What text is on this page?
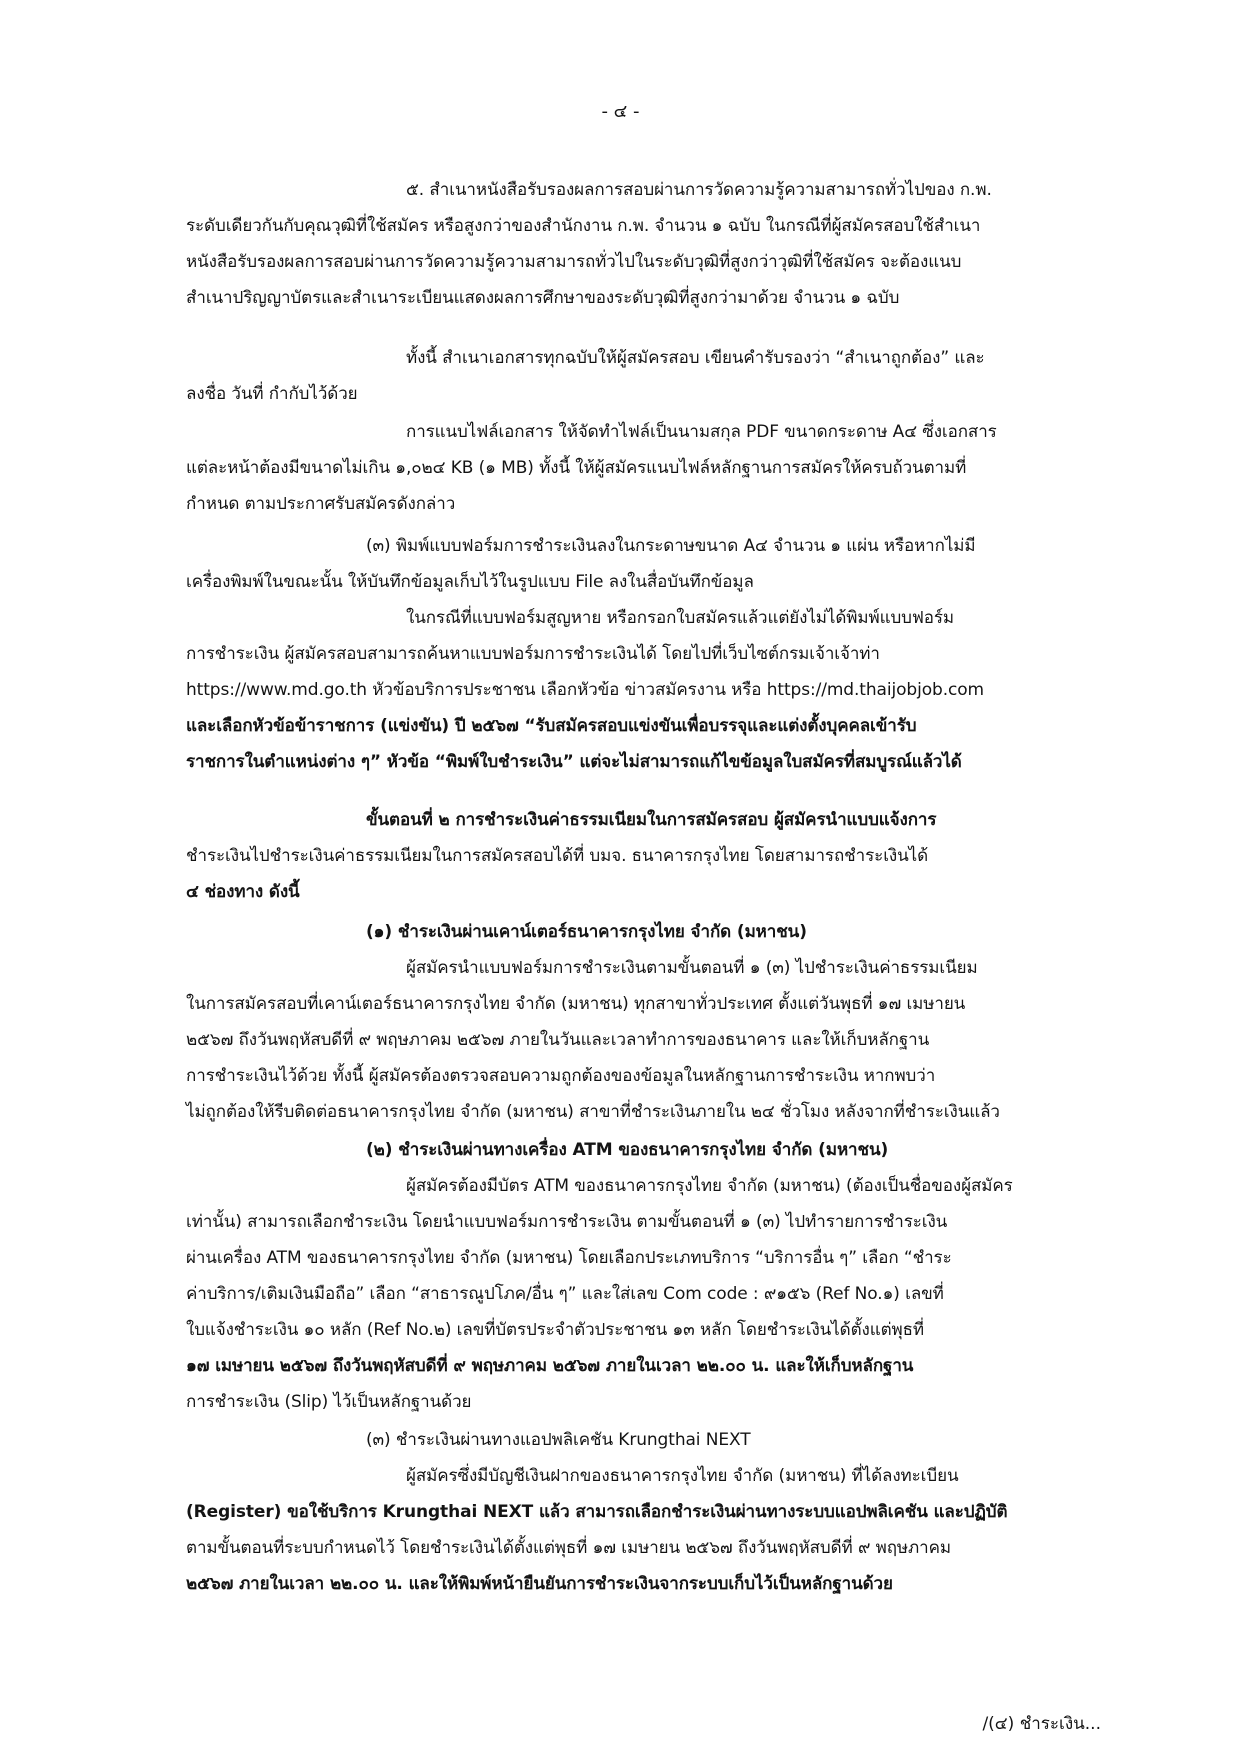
- ๔ -
๕. สำเนาหนังสือรับรองผลการสอบผ่านการวัดความรู้ความสามารถทั่วไปของ ก.พ.
ระดับเดียวกันกับคุณวุฒิที่ใช้สมัคร หรือสูงกว่าของสำนักงาน ก.พ. จำนวน ๑ ฉบับ ในกรณีที่ผู้สมัครสอบใช้สำเนา
หนังสือรับรองผลการสอบผ่านการวัดความรู้ความสามารถทั่วไปในระดับวุฒิที่สูงกว่าวุฒิที่ใช้สมัคร จะต้องแนบ
สำเนาปริญญาบัตรและสำเนาระเบียนแสดงผลการศึกษาของระดับวุฒิที่สูงกว่ามาด้วย จำนวน ๑ ฉบับ
ทั้งนี้ สำเนาเอกสารทุกฉบับให้ผู้สมัครสอบ เขียนคำรับรองว่า “สำเนาถูกต้อง” และ
ลงชื่อ วันที่ กำกับไว้ด้วย
การแนบไฟล์เอกสาร ให้จัดทำไฟล์เป็นนามสกุล PDF ขนาดกระดาษ A๔ ซึ่งเอกสาร
แต่ละหน้าต้องมีขนาดไม่เกิน ๑,๐๒๔ KB (๑ MB) ทั้งนี้ ให้ผู้สมัครแนบไฟล์หลักฐานการสมัครให้ครบถ้วนตามที่
กำหนด ตามประกาศรับสมัครดังกล่าว
(๓) พิมพ์แบบฟอร์มการชำระเงินลงในกระดาษขนาด A๔ จำนวน ๑ แผ่น หรือหากไม่มี
เครื่องพิมพ์ในขณะนั้น ให้บันทึกข้อมูลเก็บไว้ในรูปแบบ File ลงในสื่อบันทึกข้อมูล
ในกรณีที่แบบฟอร์มสูญหาย หรือกรอกใบสมัครแล้วแต่ยังไม่ได้พิมพ์แบบฟอร์ม
การชำระเงิน ผู้สมัครสอบสามารถค้นหาแบบฟอร์มการชำระเงินได้ โดยไปที่เว็บไซต์กรมเจ้าเจ้าท่า
https://www.md.go.th หัวข้อบริการประชาชน เลือกหัวข้อ ข่าวสมัครงาน หรือ https://md.thaijobjob.com
และเลือกหัวข้อข้าราชการ (แข่งขัน) ปี ๒๕๖๗ “รับสมัครสอบแข่งขันเพื่อบรรจุและแต่งตั้งบุคคลเข้ารับ
ราชการในตำแหน่งต่าง ๆ” หัวข้อ “พิมพ์ใบชำระเงิน” แต่จะไม่สามารถแก้ไขข้อมูลใบสมัครที่สมบูรณ์แล้วได้
ขั้นตอนที่ ๒ การชำระเงินค่าธรรมเนียมในการสมัครสอบ ผู้สมัครนำแบบแจ้งการ
ชำระเงินไปชำระเงินค่าธรรมเนียมในการสมัครสอบได้ที่ บมจ. ธนาคารกรุงไทย โดยสามารถชำระเงินได้
๔ ช่องทาง ดังนี้
(๑) ชำระเงินผ่านเคาน์เตอร์ธนาคารกรุงไทย จำกัด (มหาชน)
ผู้สมัครนำแบบฟอร์มการชำระเงินตามขั้นตอนที่ ๑ (๓) ไปชำระเงินค่าธรรมเนียม
ในการสมัครสอบที่เคาน์เตอร์ธนาคารกรุงไทย จำกัด (มหาชน) ทุกสาขาทั่วประเทศ ตั้งแต่วันพุธที่ ๑๗ เมษายน
๒๕๖๗ ถึงวันพฤหัสบดีที่ ๙ พฤษภาคม ๒๕๖๗ ภายในวันและเวลาทำการของธนาคาร และให้เก็บหลักฐาน
การชำระเงินไว้ด้วย ทั้งนี้ ผู้สมัครต้องตรวจสอบความถูกต้องของข้อมูลในหลักฐานการชำระเงิน หากพบว่า
ไม่ถูกต้องให้รีบติดต่อธนาคารกรุงไทย จำกัด (มหาชน) สาขาที่ชำระเงินภายใน ๒๔ ชั่วโมง หลังจากที่ชำระเงินแล้ว
(๒) ชำระเงินผ่านทางเครื่อง ATM ของธนาคารกรุงไทย จำกัด (มหาชน)
ผู้สมัครต้องมีบัตร ATM ของธนาคารกรุงไทย จำกัด (มหาชน) (ต้องเป็นชื่อของผู้สมัคร
เท่านั้น) สามารถเลือกชำระเงิน โดยนำแบบฟอร์มการชำระเงิน ตามขั้นตอนที่ ๑ (๓) ไปทำรายการชำระเงิน
ผ่านเครื่อง ATM ของธนาคารกรุงไทย จำกัด (มหาชน) โดยเลือกประเภทบริการ “บริการอื่น ๆ” เลือก “ชำระ
ค่าบริการ/เติมเงินมือถือ” เลือก “สาธารณูปโภค/อื่น ๆ” และใส่เลข Com code : ๙๑๕๖ (Ref No.๑) เลขที่
ใบแจ้งชำระเงิน ๑๐ หลัก (Ref No.๒) เลขที่บัตรประจำตัวประชาชน ๑๓ หลัก โดยชำระเงินได้ตั้งแต่พุธที่
๑๗ เมษายน ๒๕๖๗ ถึงวันพฤหัสบดีที่ ๙ พฤษภาคม ๒๕๖๗ ภายในเวลา ๒๒.๐๐ น. และให้เก็บหลักฐาน
การชำระเงิน (Slip) ไว้เป็นหลักฐานด้วย
(๓) ชำระเงินผ่านทางแอปพลิเคชัน Krungthai NEXT
ผู้สมัครซึ่งมีบัญชีเงินฝากของธนาคารกรุงไทย จำกัด (มหาชน) ที่ได้ลงทะเบียน
(Register) ขอใช้บริการ Krungthai NEXT แล้ว สามารถเลือกชำระเงินผ่านทางระบบแอปพลิเคชัน และปฏิบัติ
ตามขั้นตอนที่ระบบกำหนดไว้ โดยชำระเงินได้ตั้งแต่พุธที่ ๑๗ เมษายน ๒๕๖๗ ถึงวันพฤหัสบดีที่ ๙ พฤษภาคม
๒๕๖๗ ภายในเวลา ๒๒.๐๐ น. และให้พิมพ์หน้ายืนยันการชำระเงินจากระบบเก็บไว้เป็นหลักฐานด้วย
/(๔) ชำระเงิน...
